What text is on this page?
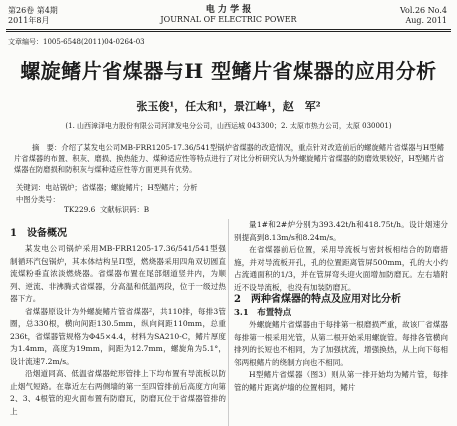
第26卷 第4期
2011年8月
电 力 学 报
JOURNAL OF ELECTRIC POWER
Vol.26 No.4
Aug. 2011
文章编号：1005-6548(2011)04-0264-03
螺旋鳍片省煤器与H 型鳍片省煤器的应用分析
张玉俊¹，任太和¹，景江峰¹，赵　军²
(1. 山西漳泽电力股份有限公司河津发电分公司，山西运城 043300；2. 太原市热力公司，太原 030001)
摘　要：介绍了某发电公司MB-FRR1205-17.36/541型锅炉省煤器的改造情况，重点针对改造前后的螺旋鳍片省煤器与H型鳍片省煤器的布置、积灰、磨损、换热能力、煤种适应性等特点进行了对比分析研究认为外螺旋鳍片省煤器的防磨效果较好，H型鳍片省煤器在防磨损和防积灰与煤种适应性等方面更具有优势。
关键词：电站锅炉；省煤器；螺旋鳍片；H型鳍片；分析
中图分类号：
TK229.6 文献标识码：B
1　设备概况

某发电公司锅炉采用MB-FRR1205-17.36/541/541型强制循环汽包锅炉，其本体结构呈Π型，燃烧器采用四角双切圆直流煤粉垂直浓淡燃烧器。省煤器布置在尾部烟道竖井内，为顺列、逆流、非沸腾式省煤器，分高温和低温两段，位于一级过热器下方。

省煤器原设计为外螺旋鳍片管省煤器²，共110排，每排3管圈，总330根，横向间距130.5mm，纵向间距110mm，总重236t，省煤器管规格为Φ45×4.4，材料为SA210-C，鳍片厚度为1.4mm，高度为19mm，间距为12.7mm，螺旋角为5.1°，设计流速7.2m/s。

沿烟道同高、低温省煤器蛇形管排上下均布置有导流板以防止烟气短路。在靠近左右两侧墙的第一至四管排前后高度方向第2、3、4根管的迎火面布置有防磨瓦，防磨瓦位于省煤器管排的上

量1#和2#炉分别为393.42t/h和418.75t/h。设计烟速分别提高到8.13m/s和8.24m/s。

在省煤器前后位置，采用导流板与密封板相结合的防磨措施，并对导流板开孔，孔的位置距离管屏500mm，孔的大小约占流通面积的1/3，并在管屏弯头迎火面增加防磨瓦。左右墙附近不设导流板，也没有加装防磨瓦。

2　两种省煤器的特点及应用对比分析

3.1　布置特点

外螺旋鳍片省煤器由于每排第一根磨损严重，故该厂省煤器每排第一根采用光管，从第二根开始采用螺旋管。每排各管横向排列的长短也不相同，为了加强扰流，增强换热，从上向下每相邻两根鳍片的绕制方向也不相同。

H型鳍片省煤器（图3）则从第一排开始均为鳍片管，每排管的鳍片距离炉墙的位置相同，鳍片
